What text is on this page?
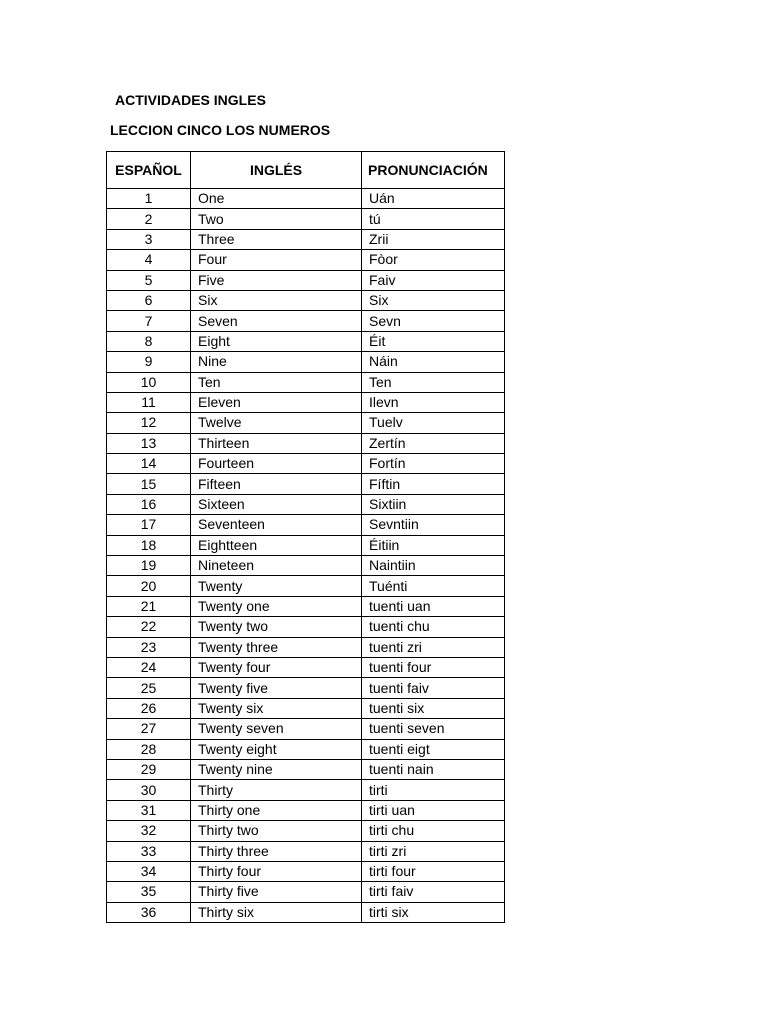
ACTIVIDADES INGLES
LECCION CINCO LOS NUMEROS
ESPAÑOL	INGLÉS	PRONUNCIACIÓN
1	One	Uán
2	Two	tú
3	Three	Zrii
4	Four	Fòor
5	Five	Faiv
6	Six	Six
7	Seven	Sevn
8	Eight	Éit
9	Nine	Náin
10	Ten	Ten
11	Eleven	Ilevn
12	Twelve	Tuelv
13	Thirteen	Zertín
14	Fourteen	Fortín
15	Fifteen	Fíftin
16	Sixteen	Sixtiin
17	Seventeen	Sevntiin
18	Eightteen	Éitiin
19	Nineteen	Naintiin
20	Twenty	Tuénti
21	Twenty one	tuenti uan
22	Twenty two	tuenti chu
23	Twenty three	tuenti zri
24	Twenty four	tuenti four
25	Twenty five	tuenti faiv
26	Twenty six	tuenti six
27	Twenty seven	tuenti seven
28	Twenty eight	tuenti eigt
29	Twenty nine	tuenti nain
30	Thirty	tirti
31	Thirty one	tirti uan
32	Thirty two	tirti chu
33	Thirty three	tirti zri
34	Thirty four	tirti four
35	Thirty five	tirti faiv
36	Thirty six	tirti six
